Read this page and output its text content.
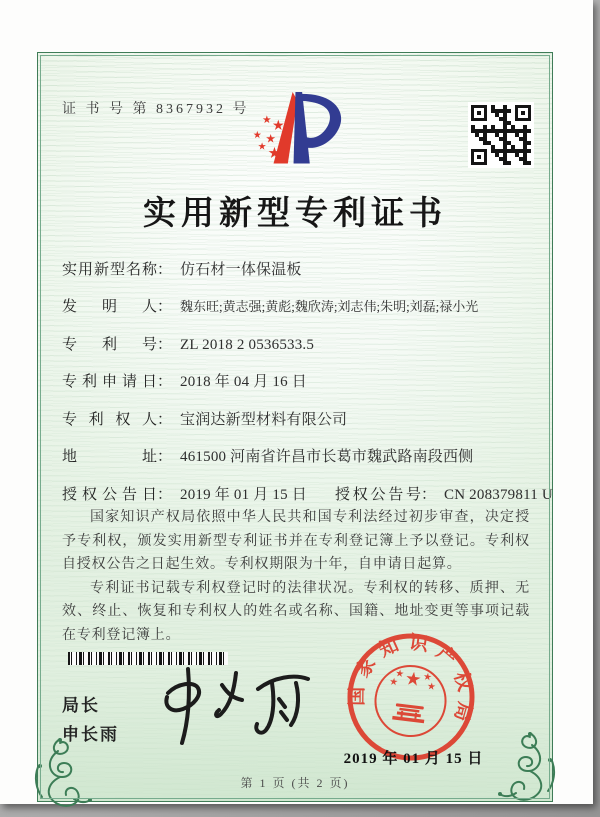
证 书 号 第 8367932 号
实用新型专利证书
实用新型名称： 仿石材一体保温板
发明人： 魏东旺;黄志强;黄彪;魏欣涛;刘志伟;朱明;刘磊;禄小光
专利号： ZL 2018 2 0536533.5
专利申请日： 2018 年 04 月 16 日
专利权人： 宝润达新型材料有限公司
地址： 461500 河南省许昌市长葛市魏武路南段西侧
授权公告日： 2019 年 01 月 15 日 授权公告号： CN 208379811 U

国家知识产权局依照中华人民共和国专利法经过初步审查，决定授予专利权，颁发实用新型专利证书并在专利登记簿上予以登记。专利权自授权公告之日起生效。专利权期限为十年，自申请日起算。

专利证书记载专利权登记时的法律状况。专利权的转移、质押、无效、终止、恢复和专利权人的姓名或名称、国籍、地址变更等事项记载在专利登记簿上。

局长
申长雨
国家知识产权局
2019 年 01 月 15 日
第 1 页 (共 2 页)
